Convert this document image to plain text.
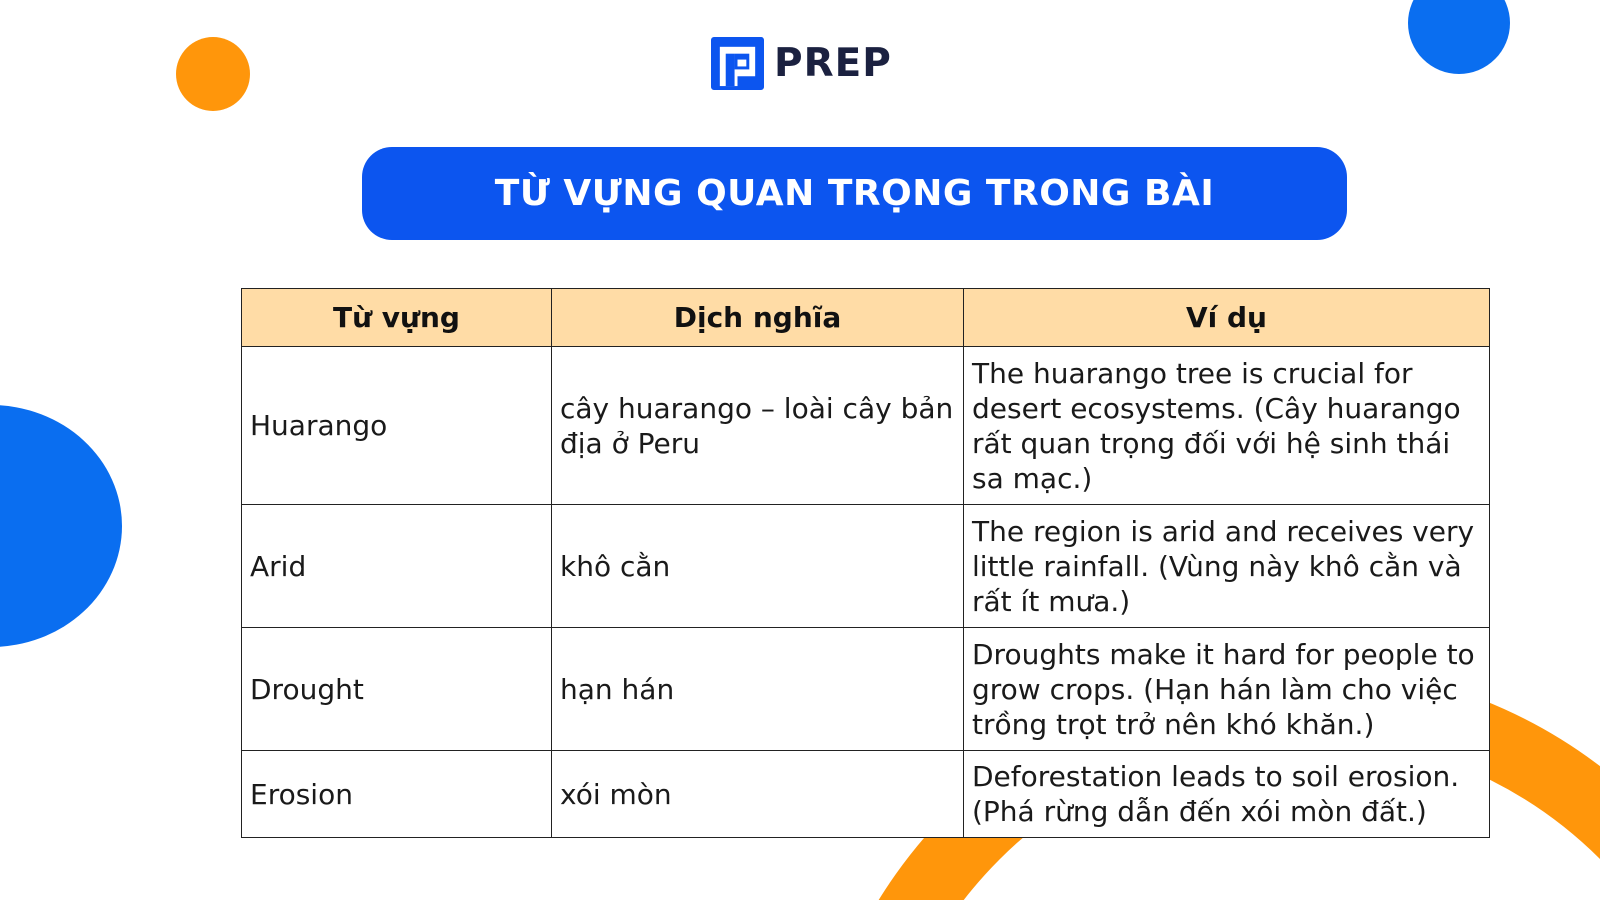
PREP
TỪ VỰNG QUAN TRỌNG TRONG BÀI
Từ vựng	Dịch nghĩa	Ví dụ
Huarango	cây huarango – loài cây bản địa ở Peru	The huarango tree is crucial for desert ecosystems. (Cây huarango rất quan trọng đối với hệ sinh thái sa mạc.)
Arid	khô cằn	The region is arid and receives very little rainfall. (Vùng này khô cằn và rất ít mưa.)
Drought	hạn hán	Droughts make it hard for people to grow crops. (Hạn hán làm cho việc trồng trọt trở nên khó khăn.)
Erosion	xói mòn	Deforestation leads to soil erosion. (Phá rừng dẫn đến xói mòn đất.)
